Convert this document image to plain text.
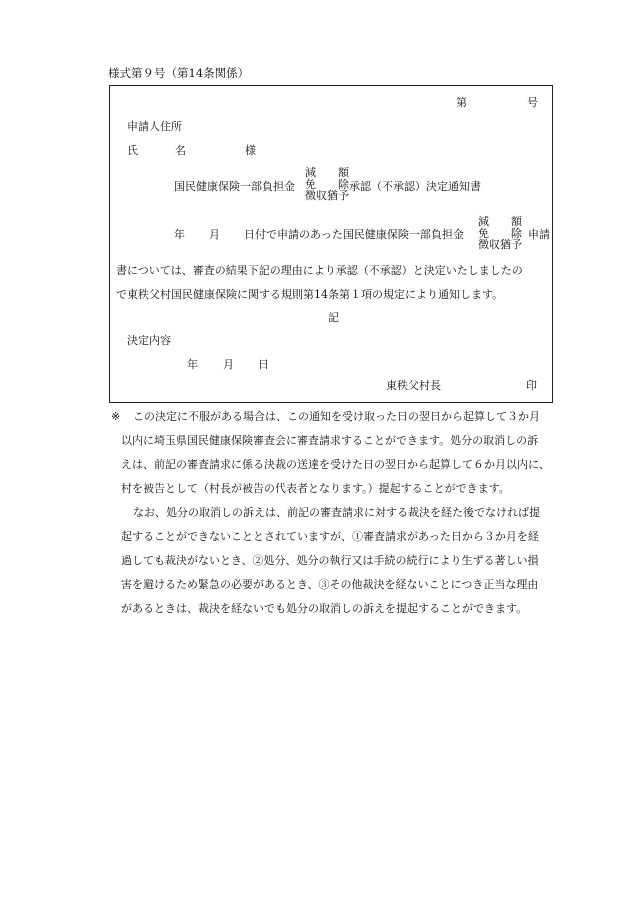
様式第９号（第14条関係）
第	号
申請人住所
氏	名	様
国民健康保険一部負担金
減　　額
免　　除
徴収猶予
承認（不承認）決定通知書
年 月 日付で申請のあった国民健康保険一部負担金
減　　額
免　　除
徴収猶予
申請
書については、審査の結果下記の理由により承認（不承認）と決定いたしましたの
で東秩父村国民健康保険に関する規則第14条第１項の規定により通知します。
記
決定内容
年 月 日
東秩父村長	印
※ この決定に不服がある場合は、この通知を受け取った日の翌日から起算して３か月
以内に埼玉県国民健康保険審査会に審査請求することができます。処分の取消しの訴
えは、前記の審査請求に係る決裁の送達を受けた日の翌日から起算して６か月以内に、
村を被告として（村長が被告の代表者となります。）提起することができます。
なお、処分の取消しの訴えは、前記の審査請求に対する裁決を経た後でなければ提
起することができないこととされていますが、①審査請求があった日から３か月を経
過しても裁決がないとき、②処分、処分の執行又は手続の続行により生ずる著しい損
害を避けるため緊急の必要があるとき、③その他裁決を経ないことにつき正当な理由
があるときは、裁決を経ないでも処分の取消しの訴えを提起することができます。
